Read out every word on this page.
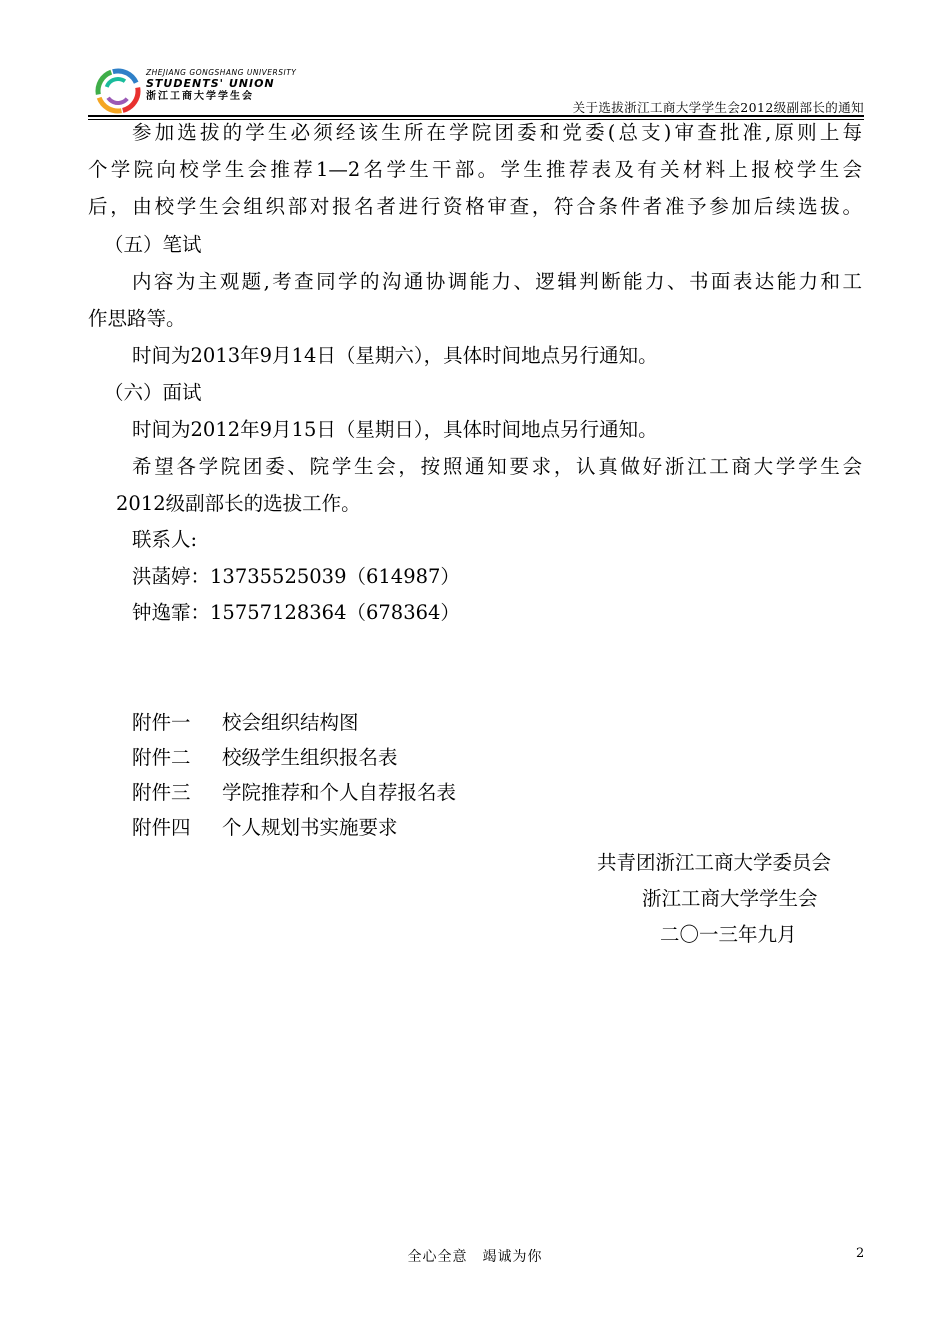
ZHEJIANG GONGSHANG UNIVERSITY
STUDENTS' UNION
浙江工商大学学生会
关于选拔浙江工商大学学生会2012级副部长的通知
参加选拔的学生必须经该生所在学院团委和党委(总支)审查批准,原则上每
个学院向校学生会推荐1—2名学生干部。学生推荐表及有关材料上报校学生会
后，由校学生会组织部对报名者进行资格审查，符合条件者准予参加后续选拔。
（五）笔试
内容为主观题,考查同学的沟通协调能力、逻辑判断能力、书面表达能力和工
作思路等。
时间为2013年9月14日（星期六），具体时间地点另行通知。
（六）面试
时间为2012年9月15日（星期日），具体时间地点另行通知。
希望各学院团委、院学生会，按照通知要求，认真做好浙江工商大学学生会
2012级副部长的选拔工作。
联系人:
洪菡婷：13735525039（614987）
钟逸霏：15757128364（678364）
附件一 校会组织结构图
附件二 校级学生组织报名表
附件三 学院推荐和个人自荐报名表
附件四 个人规划书实施要求
共青团浙江工商大学委员会
浙江工商大学学生会
二〇一三年九月
全心全意　竭诚为你	2
